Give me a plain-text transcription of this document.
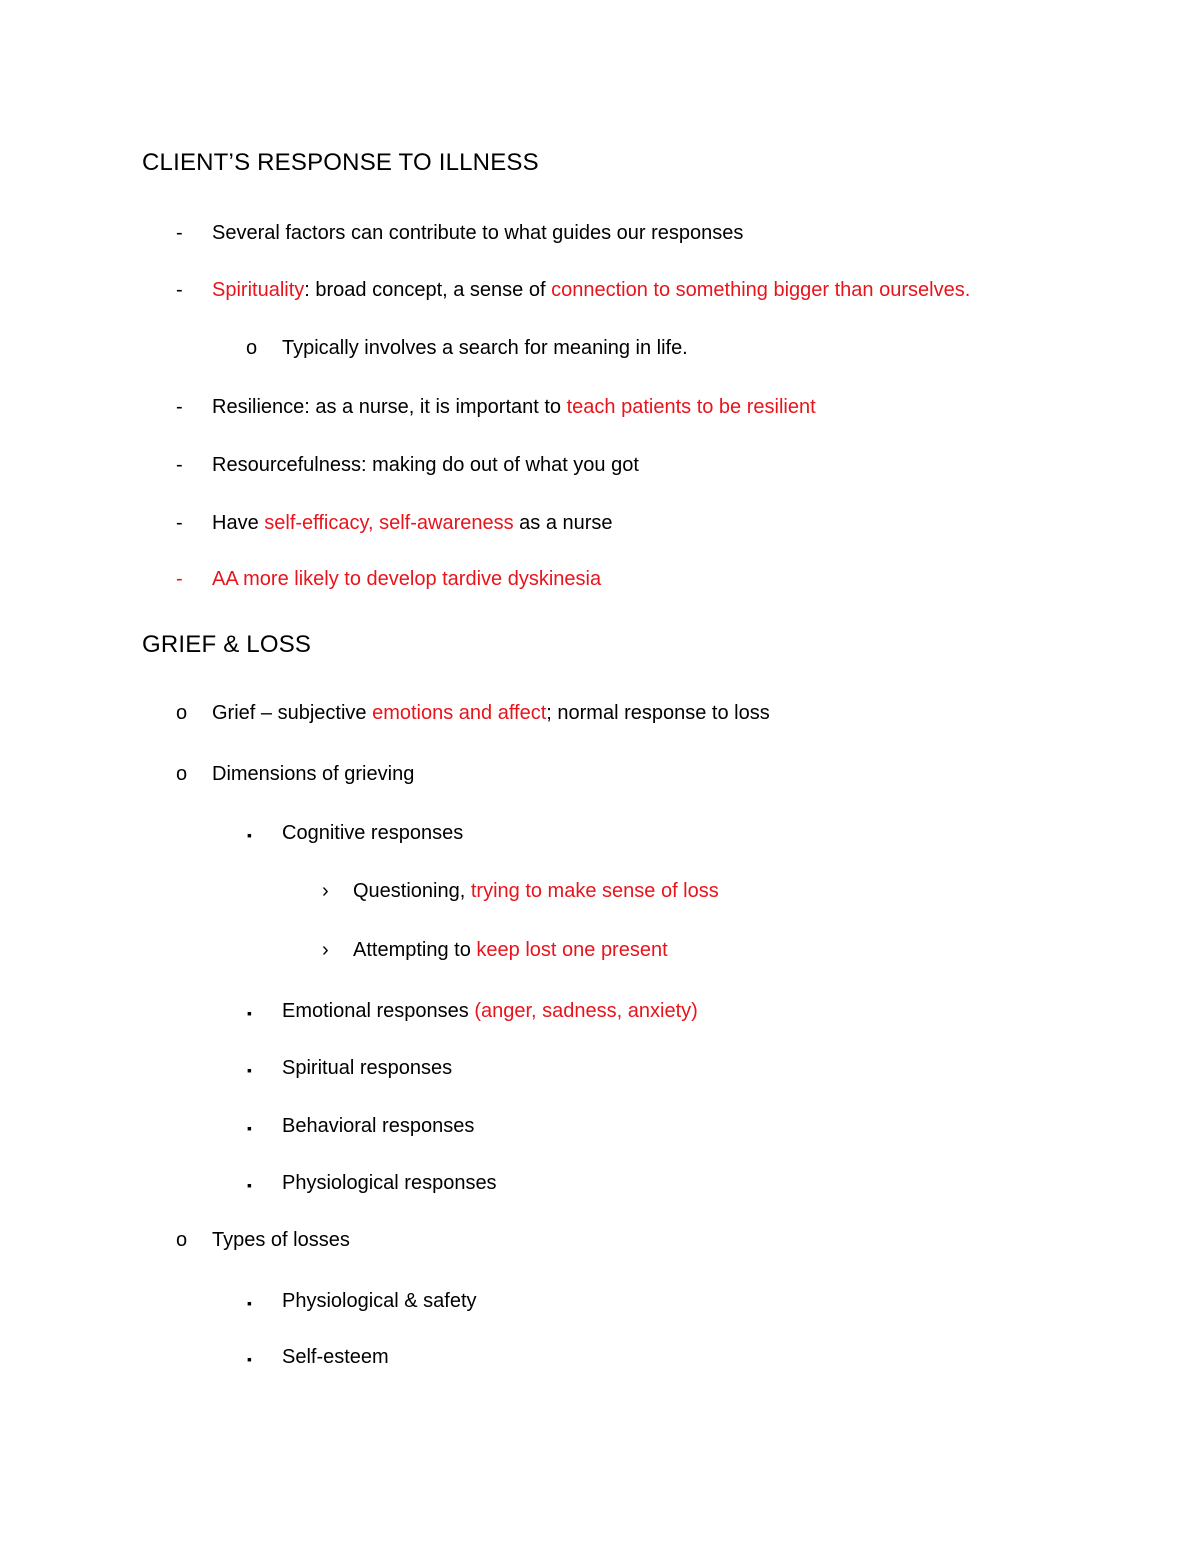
CLIENT’S RESPONSE TO ILLNESS
- Several factors can contribute to what guides our responses
- Spirituality: broad concept, a sense of connection to something bigger than ourselves.
o Typically involves a search for meaning in life.
- Resilience: as a nurse, it is important to teach patients to be resilient
- Resourcefulness: making do out of what you got
- Have self-efficacy, self-awareness as a nurse
- AA more likely to develop tardive dyskinesia
GRIEF & LOSS
o Grief – subjective emotions and affect; normal response to loss
o Dimensions of grieving
▪ Cognitive responses
› Questioning, trying to make sense of loss
› Attempting to keep lost one present
▪ Emotional responses (anger, sadness, anxiety)
▪ Spiritual responses
▪ Behavioral responses
▪ Physiological responses
o Types of losses
▪ Physiological & safety
▪ Self-esteem
